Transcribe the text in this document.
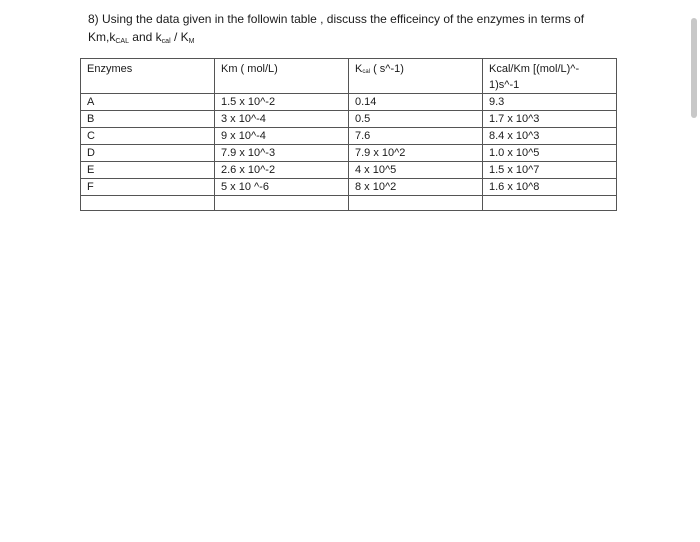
8) Using the data given in the followin table , discuss the efficeincy of the enzymes in terms of
$Km,k_{CAL}$ and $k_{cal} / K_M$
Enzymes	Km ( mol/L)	$K_{cal}$ ( s^-1)	Kcal/Km [(mol/L)^-
1)s^-1

A	1.5 x 10^-2	0.14	9.3
B	3 x 10^-4	0.5	1.7 x 10^3
C	9 x 10^-4	7.6	8.4 x 10^3
D	7.9 x 10^-3	7.9 x 10^2	1.0 x 10^5
E	2.6 x 10^-2	4 x 10^5	1.5 x 10^7
F	5 x 10 ^-6	8 x 10^2	1.6 x 10^8
